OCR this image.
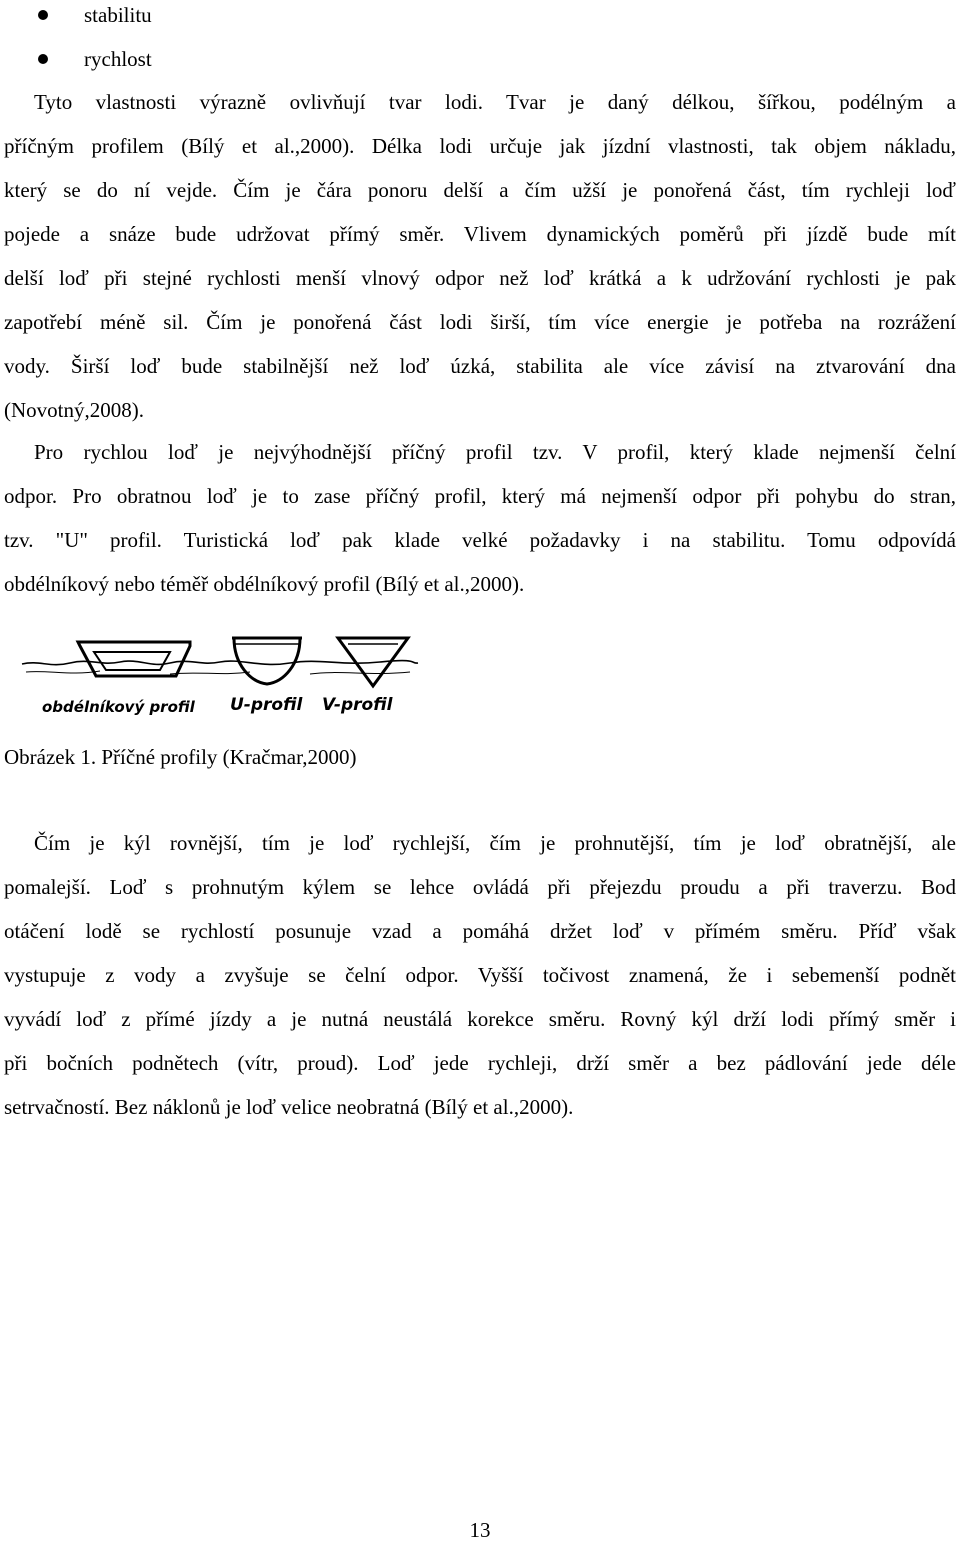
stabilitu
rychlost
Tyto vlastnosti výrazně ovlivňují tvar lodi. Tvar je daný délkou, šířkou, podélným a
příčným profilem (Bílý et al.,2000). Délka lodi určuje jak jízdní vlastnosti, tak objem nákladu,
který se do ní vejde. Čím je čára ponoru delší a čím užší je ponořená část, tím rychleji loď
pojede a snáze bude udržovat přímý směr. Vlivem dynamických poměrů při jízdě bude mít
delší loď při stejné rychlosti menší vlnový odpor než loď krátká a k udržování rychlosti je pak
zapotřebí méně sil. Čím je ponořená část lodi širší, tím více energie je potřeba na rozrážení
vody. Širší loď bude stabilnější než loď úzká, stabilita ale více závisí na ztvarování dna
(Novotný,2008).
Pro rychlou loď je nejvýhodnější příčný profil tzv. V profil, který klade nejmenší čelní
odpor. Pro obratnou loď je to zase příčný profil, který má nejmenší odpor při pohybu do stran,
tzv. "U" profil. Turistická loď pak klade velké požadavky i na stabilitu. Tomu odpovídá
obdélníkový nebo téměř obdélníkový profil (Bílý et al.,2000).
obdélníkový profil U-profil V-profil
Obrázek 1. Příčné profily (Kračmar,2000)
Čím je kýl rovnější, tím je loď rychlejší, čím je prohnutější, tím je loď obratnější, ale
pomalejší. Loď s prohnutým kýlem se lehce ovládá při přejezdu proudu a při traverzu. Bod
otáčení lodě se rychlostí posunuje vzad a pomáhá držet loď v přímém směru. Příď však
vystupuje z vody a zvyšuje se čelní odpor. Vyšší točivost znamená, že i sebemenší podnět
vyvádí loď z přímé jízdy a je nutná neustálá korekce směru. Rovný kýl drží lodi přímý směr i
při bočních podnětech (vítr, proud). Loď jede rychleji, drží směr a bez pádlování jede déle
setrvačností. Bez náklonů je loď velice neobratná (Bílý et al.,2000).
13
